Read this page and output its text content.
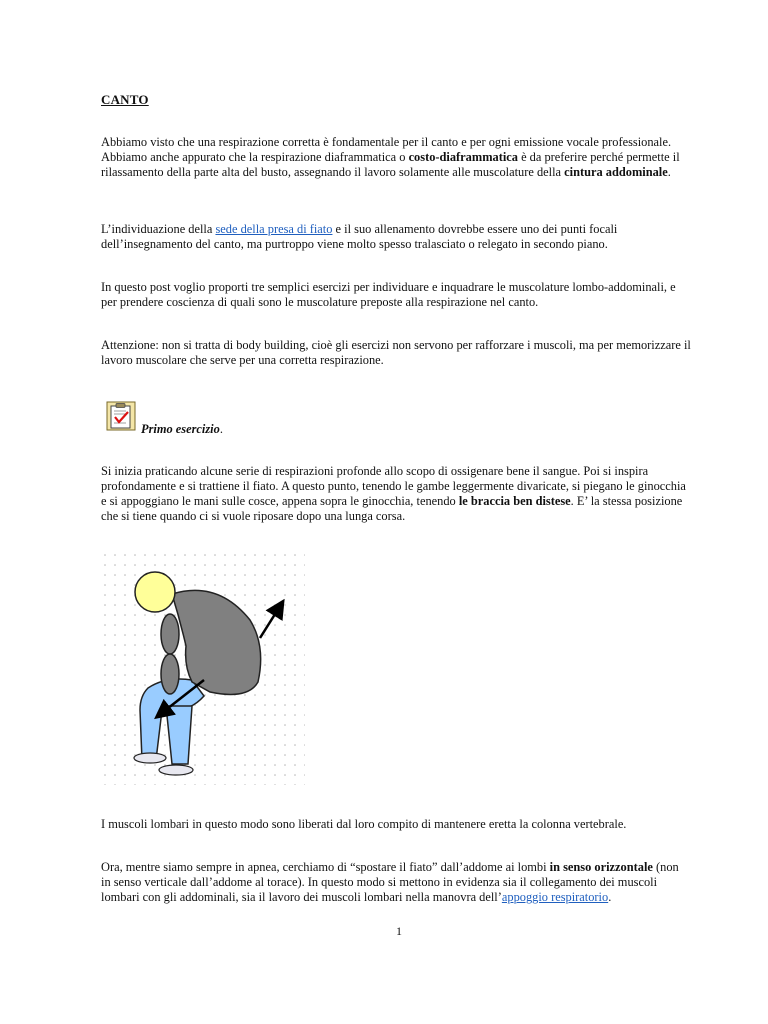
CANTO
Abbiamo visto che una respirazione corretta è fondamentale per il canto e per ogni emissione vocale professionale. Abbiamo anche appurato che la respirazione diaframmatica o costo-diaframmatica è da preferire perché permette il rilassamento della parte alta del busto, assegnando il lavoro solamente alle muscolature della cintura addominale.
L’individuazione della sede della presa di fiato e il suo allenamento dovrebbe essere uno dei punti focali dell’insegnamento del canto, ma purtroppo viene molto spesso tralasciato o relegato in secondo piano.
In questo post voglio proporti tre semplici esercizi per individuare e inquadrare le muscolature lombo-addominali, e per prendere coscienza di quali sono le muscolature preposte alla respirazione nel canto.
Attenzione: non si tratta di body building, cioè gli esercizi non servono per rafforzare i muscoli, ma per memorizzare il lavoro muscolare che serve per una corretta respirazione.
Primo esercizio.
Si inizia praticando alcune serie di respirazioni profonde allo scopo di ossigenare bene il sangue. Poi si inspira profondamente e si trattiene il fiato. A questo punto, tenendo le gambe leggermente divaricate, si piegano le ginocchia e si appoggiano le mani sulle cosce, appena sopra le ginocchia, tenendo le braccia ben distese. E’ la stessa posizione che si tiene quando ci si vuole riposare dopo una lunga corsa.
I muscoli lombari in questo modo sono liberati dal loro compito di mantenere eretta la colonna vertebrale.
Ora, mentre siamo sempre in apnea, cerchiamo di “spostare il fiato” dall’addome ai lombi in senso orizzontale (non in senso verticale dall’addome al torace). In questo modo si mettono in evidenza sia il collegamento dei muscoli lombari con gli addominali, sia il lavoro dei muscoli lombari nella manovra dell’appoggio respiratorio.
1
